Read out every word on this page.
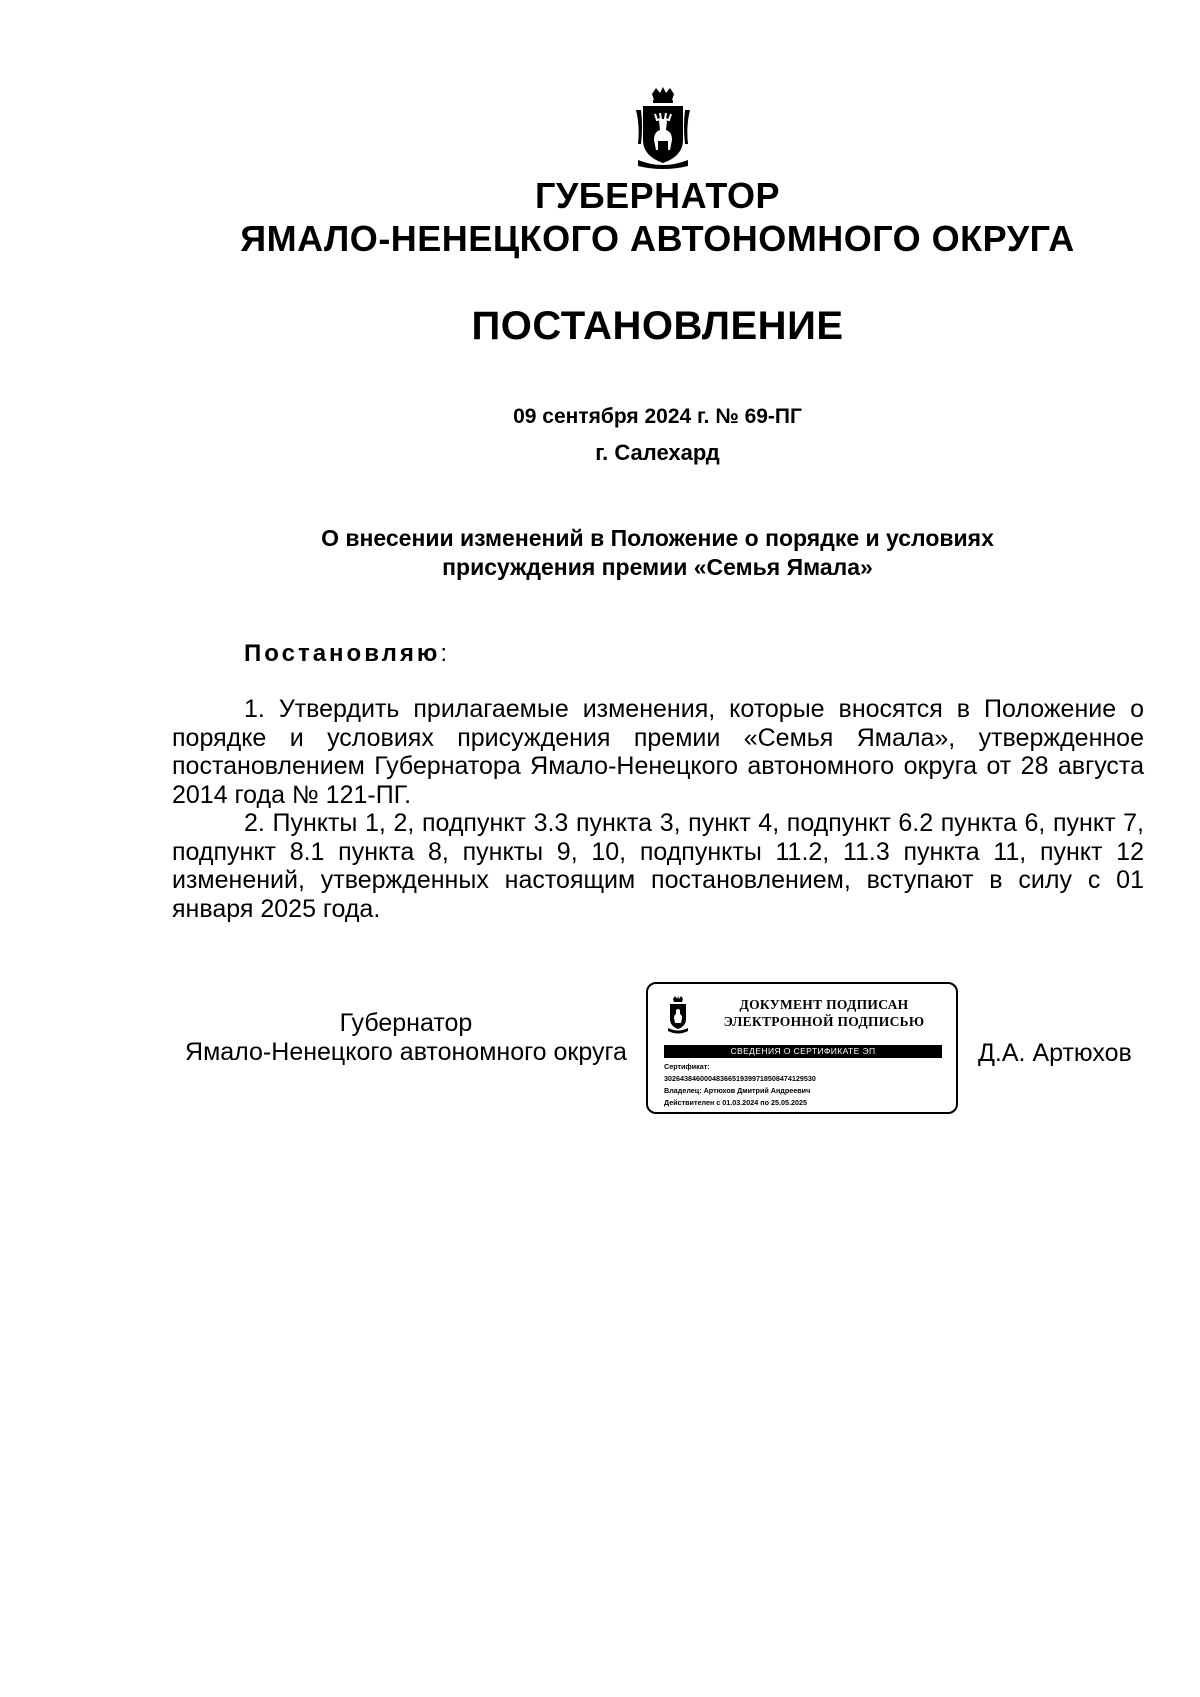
ГУБЕРНАТОР
ЯМАЛО-НЕНЕЦКОГО АВТОНОМНОГО ОКРУГА
ПОСТАНОВЛЕНИЕ
09 сентября 2024 г. № 69-ПГ
г. Салехард
О внесении изменений в Положение о порядке и условиях
присуждения премии «Семья Ямала»
Постановляю:

1. Утвердить прилагаемые изменения, которые вносятся в Положение о порядке и условиях присуждения премии «Семья Ямала», утвержденное постановлением Губернатора Ямало-Ненецкого автономного округа от 28 августа 2014 года № 121-ПГ.

2. Пункты 1, 2, подпункт 3.3 пункта 3, пункт 4, подпункт 6.2 пункта 6, пункт 7, подпункт 8.1 пункта 8, пункты 9, 10, подпункты 11.2, 11.3 пункта 11, пункт 12 изменений, утвержденных настоящим постановлением, вступают в силу с 01 января 2025 года.

Губернатор
Ямало-Ненецкого автономного округа
ДОКУМЕНТ ПОДПИСАН
ЭЛЕКТРОННОЙ ПОДПИСЬЮ
СВЕДЕНИЯ О СЕРТИФИКАТЕ ЭП
Сертификат:
30264384600048366519399718508474129530
Владелец: Артюхов Дмитрий Андреевич
Действителен с 01.03.2024 по 25.05.2025
Д.А. Артюхов
